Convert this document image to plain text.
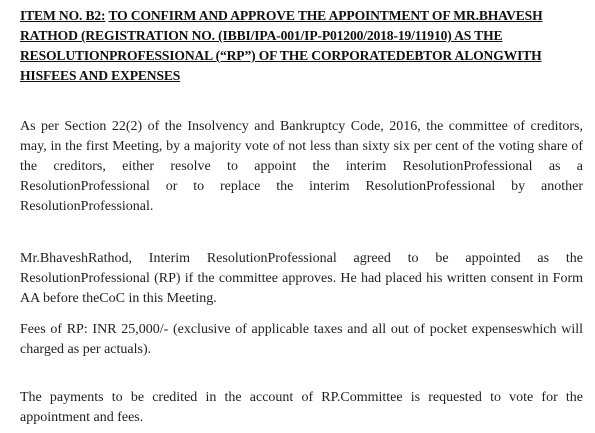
ITEM NO. B2: TO CONFIRM AND APPROVE THE APPOINTMENT OF MR.BHAVESH RATHOD (REGISTRATION NO. (IBBI/IPA-001/IP-P01200/2018-19/11910) AS THE RESOLUTIONPROFESSIONAL (“RP”) OF THE CORPORATEDEBTOR ALONGWITH HISFEES AND EXPENSES

As per Section 22(2) of the Insolvency and Bankruptcy Code, 2016, the committee of creditors, may, in the first Meeting, by a majority vote of not less than sixty six per cent of the voting share of the creditors, either resolve to appoint the interim ResolutionProfessional as a ResolutionProfessional or to replace the interim ResolutionProfessional by another ResolutionProfessional.

Mr.BhaveshRathod, Interim ResolutionProfessional agreed to be appointed as the ResolutionProfessional (RP) if the committee approves. He had placed his written consent in Form AA before theCoC in this Meeting.

Fees of RP: INR 25,000/- (exclusive of applicable taxes and all out of pocket expenseswhich will charged as per actuals).

The payments to be credited in the account of RP.Committee is requested to vote for the appointment and fees.
